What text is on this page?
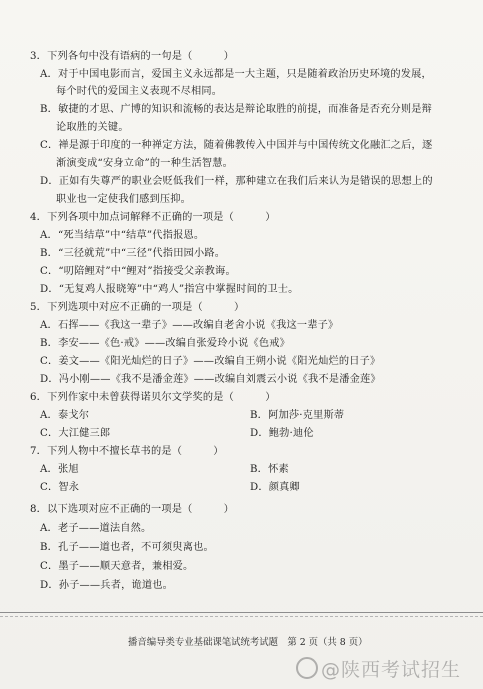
3．下列各句中没有语病的一句是（　　　）
A．对于中国电影而言，爱国主义永远都是一大主题，只是随着政治历史环境的发展，
每个时代的爱国主义表现不尽相同。
B．敏捷的才思、广博的知识和流畅的表达是辩论取胜的前提，而准备是否充分则是辩
论取胜的关键。
C．禅是源于印度的一种禅定方法，随着佛教传入中国并与中国传统文化融汇之后，逐
渐演变成“安身立命”的一种生活智慧。
D．正如有失尊严的职业会贬低我们一样，那种建立在我们后来认为是错误的思想上的
职业也一定使我们感到压抑。
4．下列各项中加点词解释不正确的一项是（　　　）
A．“死当结草”中“结草”代指报恩。
B．“三径就荒”中“三径”代指田园小路。
C．“叨陪鲤对”中“鲤对”指接受父亲教诲。
D．“无复鸡人报晓筹”中“鸡人”指宫中掌握时间的卫士。
5．下列选项中对应不正确的一项是（　　　）
A．石挥——《我这一辈子》——改编自老舍小说《我这一辈子》
B．李安——《色·戒》——改编自张爱玲小说《色戒》
C．姜文——《阳光灿烂的日子》——改编自王朔小说《阳光灿烂的日子》
D．冯小刚——《我不是潘金莲》——改编自刘震云小说《我不是潘金莲》
6．下列作家中未曾获得诺贝尔文学奖的是（　　　）
A．泰戈尔	B．阿加莎·克里斯蒂
C．大江健三郎	D．鲍勃·迪伦
7．下列人物中不擅长草书的是（　　　）
A．张旭	B．怀素
C．智永	D．颜真卿
8．以下选项对应不正确的一项是（　　　）
A．老子——道法自然。
B．孔子——道也者，不可须臾离也。
C．墨子——顺天意者，兼相爱。
D．孙子——兵者，诡道也。
播音编导类专业基础课笔试统考试题　第 2 页（共 8 页）
@陕西考试招生
